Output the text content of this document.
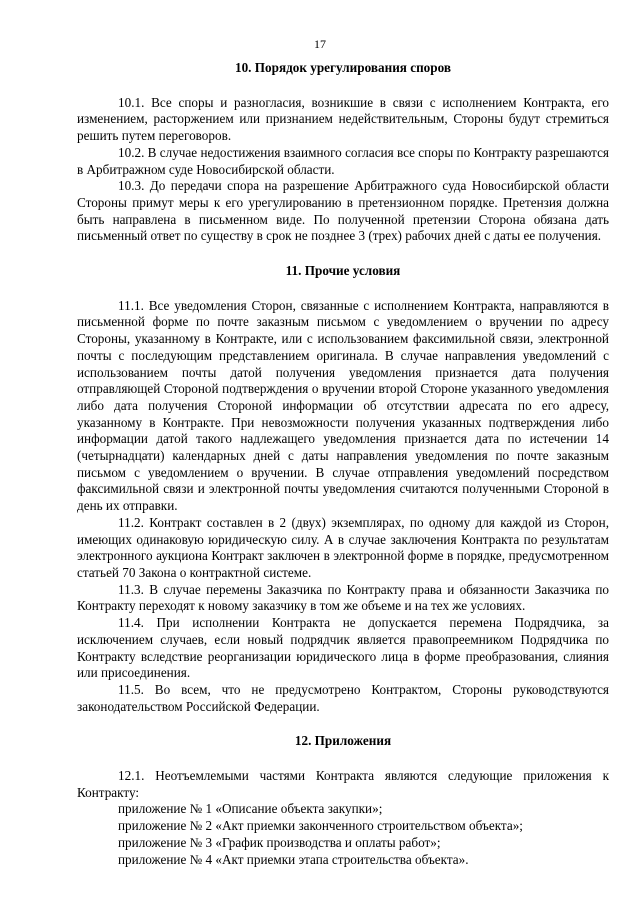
17
10. Порядок урегулирования споров

10.1. Все споры и разногласия, возникшие в связи с исполнением Контракта, его изменением, расторжением или признанием недействительным, Стороны будут стремиться решить путем переговоров.

10.2. В случае недостижения взаимного согласия все споры по Контракту разрешаются в Арбитражном суде Новосибирской области.

10.3. До передачи спора на разрешение Арбитражного суда Новосибирской области Стороны примут меры к его урегулированию в претензионном порядке. Претензия должна быть направлена в письменном виде. По полученной претензии Сторона обязана дать письменный ответ по существу в срок не позднее 3 (трех) рабочих дней с даты ее получения.

11. Прочие условия

11.1. Все уведомления Сторон, связанные с исполнением Контракта, направляются в письменной форме по почте заказным письмом с уведомлением о вручении по адресу Стороны, указанному в Контракте, или с использованием факсимильной связи, электронной почты с последующим представлением оригинала. В случае направления уведомлений с использованием почты датой получения уведомления признается дата получения отправляющей Стороной подтверждения о вручении второй Стороне указанного уведомления либо дата получения Стороной информации об отсутствии адресата по его адресу, указанному в Контракте. При невозможности получения указанных подтверждения либо информации датой такого надлежащего уведомления признается дата по истечении 14 (четырнадцати) календарных дней с даты направления уведомления по почте заказным письмом с уведомлением о вручении. В случае отправления уведомлений посредством факсимильной связи и электронной почты уведомления считаются полученными Стороной в день их отправки.

11.2. Контракт составлен в 2 (двух) экземплярах, по одному для каждой из Сторон, имеющих одинаковую юридическую силу. А в случае заключения Контракта по результатам электронного аукциона Контракт заключен в электронной форме в порядке, предусмотренном статьей 70 Закона о контрактной системе.

11.3. В случае перемены Заказчика по Контракту права и обязанности Заказчика по Контракту переходят к новому заказчику в том же объеме и на тех же условиях.

11.4. При исполнении Контракта не допускается перемена Подрядчика, за исключением случаев, если новый подрядчик является правопреемником Подрядчика по Контракту вследствие реорганизации юридического лица в форме преобразования, слияния или присоединения.

11.5. Во всем, что не предусмотрено Контрактом, Стороны руководствуются законодательством Российской Федерации.

12. Приложения

12.1. Неотъемлемыми частями Контракта являются следующие приложения к Контракту:

приложение № 1 «Описание объекта закупки»;

приложение № 2 «Акт приемки законченного строительством объекта»;

приложение № 3 «График производства и оплаты работ»;

приложение № 4 «Акт приемки этапа строительства объекта».
